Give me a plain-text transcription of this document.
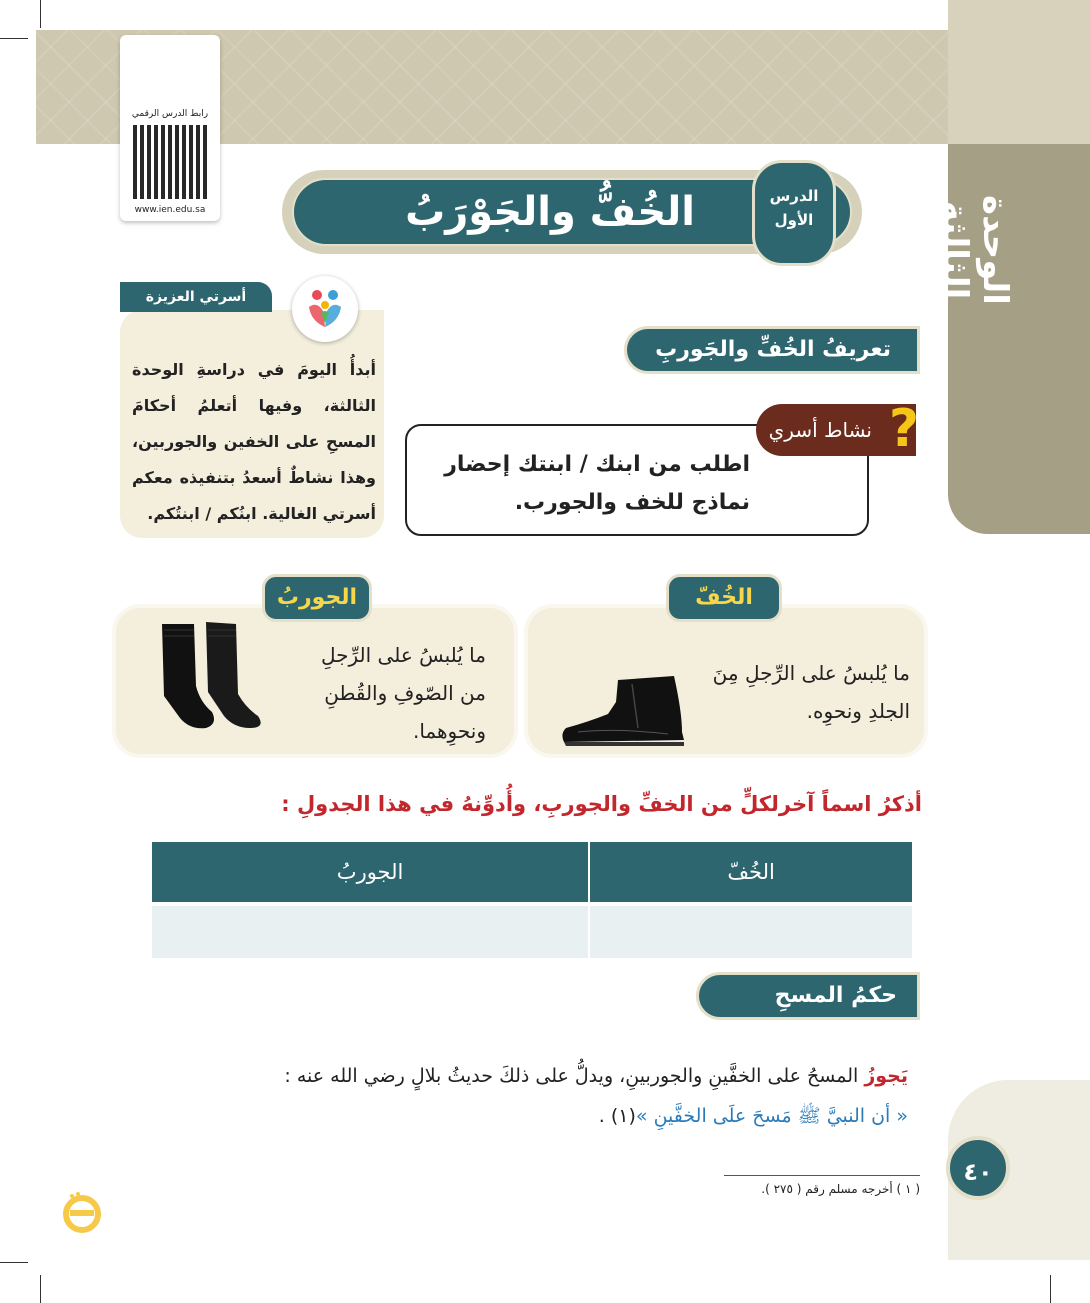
الوحدة الثالثة
رابط الدرس الرقمي
www.ien.edu.sa	الخُفُّ والجَوْرَبُ	الدرس
الأول
أسرتي العزيزة
أبدأُ اليومَ في دراسةِ الوحدة الثالثة، وفيها أتعلمُ أحكامَ المسحِ على الخفين والجوربين، وهذا نشاطٌ أسعدُ بتنفيذه معكم أسرتي الغالية. ابنُكم / ابنتُكم.
تعريفُ الخُفِّ والجَوربِ
نشاط أسري ?
اطلب من ابنك / ابنتك إحضار
نماذج للخف والجورب.
الخُفّ
ما يُلبسُ على الرِّجلِ مِنَ
الجلدِ ونحوِه.
الجوربُ
ما يُلبسُ على الرِّجلِ
من الصّوفِ والقُطنِ
ونحوِهما.
أذكرُ اسماً آخرلكلٍّ من الخفِّ والجوربِ، وأُدوِّنهُ في هذا الجدولِ :
الجوربُ	الخُفّ

حكمُ المسحِ عليهِما
يَجوزُ المسحُ على الخفَّينِ والجوربينِ، ويدلُّ على ذلكَ حديثُ بلالٍ رضي الله عنه :
« أن النبيَّ ﷺ مَسحَ علَى الخفَّينِ »(١) .
٤٠
( ١ ) أخرجه مسلم رقم ( ٢٧٥ ).
